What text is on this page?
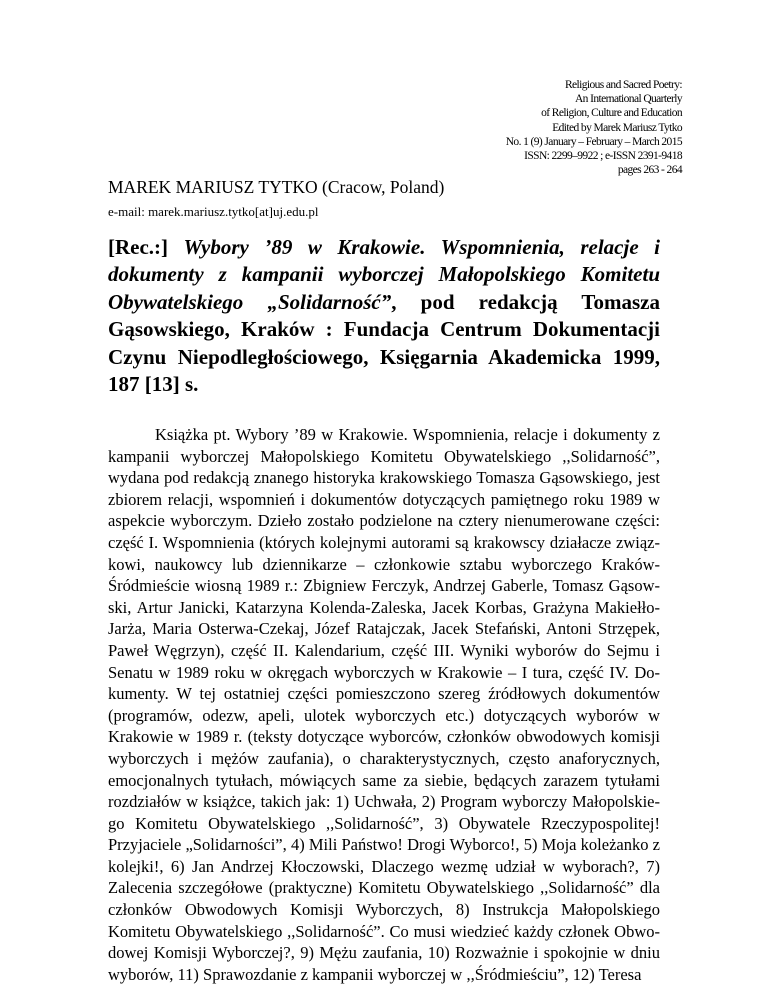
Religious and Sacred Poetry:
An International Quarterly
of Religion, Culture and Education
Edited by Marek Mariusz Tytko
No. 1 (9) January – February – March 2015
ISSN: 2299–9922 ; e-ISSN 2391-9418
pages 263 - 264
MAREK MARIUSZ TYTKO (Cracow, Poland)
e-mail: marek.mariusz.tytko[at]uj.edu.pl
[Rec.:] Wybory ’89 w Krakowie. Wspomnienia, relacje i dokumenty z kampanii wyborczej Małopolskiego Komitetu Obywatelskiego „Solidarność”, pod redakcją Tomasza Gąsowskiego, Kraków : Fundacja Centrum Dokumentacji Czynu Niepodległościowego, Księgarnia Akademicka 1999, 187 [13] s.

Książka pt. Wybory ’89 w Krakowie. Wspomnienia, relacje i dokumenty z kampanii wyborczej Małopolskiego Komitetu Obywatelskiego ,,Solidarność”, wydana pod redakcją znanego historyka krakowskiego Tomasza Gąsowskiego, jest zbiorem relacji, wspomnień i dokumentów dotyczących pamiętnego roku 1989 w aspekcie wyborczym. Dzieło zostało podzielone na cztery nienumerowane części: część I. Wspomnienia (których kolejnymi autorami są krakowscy działacze związkowi, naukowcy lub dziennikarze – członkowie sztabu wyborczego Kraków-Śródmieście wiosną 1989 r.: Zbigniew Ferczyk, Andrzej Gaberle, Tomasz Gąsowski, Artur Janicki, Katarzyna Kolenda-Zaleska, Jacek Korbas, Grażyna Makiełło-Jarża, Maria Osterwa-Czekaj, Józef Ratajczak, Jacek Stefański, Antoni Strzępek, Paweł Węgrzyn), część II. Kalendarium, część III. Wyniki wyborów do Sejmu i Senatu w 1989 roku w okręgach wyborczych w Krakowie – I tura, część IV. Dokumenty. W tej ostatniej części pomieszczono szereg źródłowych dokumentów (programów, odezw, apeli, ulotek wyborczych etc.) dotyczących wyborów w Krakowie w 1989 r. (teksty dotyczące wyborców, członków obwodowych komisji wyborczych i mężów zaufania), o charakterystycznych, często anaforycznych, emocjonalnych tytułach, mówiących same za siebie, będących zarazem tytułami rozdziałów w książce, takich jak: 1) Uchwała, 2) Program wyborczy Małopolskiego Komitetu Obywatelskiego ,,Solidarność”, 3) Obywatele Rzeczypospolitej! Przyjaciele „Solidarności”, 4) Mili Państwo! Drogi Wyborco!, 5) Moja koleżanko z kolejki!, 6) Jan Andrzej Kłoczowski, Dlaczego wezmę udział w wyborach?, 7) Zalecenia szczegółowe (praktyczne) Komitetu Obywatelskiego ,,Solidarność” dla członków Obwodowych Komisji Wyborczych, 8) Instrukcja Małopolskiego Komitetu Obywatelskiego ,,Solidarność”. Co musi wiedzieć każdy członek Obwodowej Komisji Wyborczej?, 9) Mężu zaufania, 10) Rozważnie i spokojnie w dniu wyborów, 11) Sprawozdanie z kampanii wyborczej w ,,Śródmieściu”, 12) Teresa
